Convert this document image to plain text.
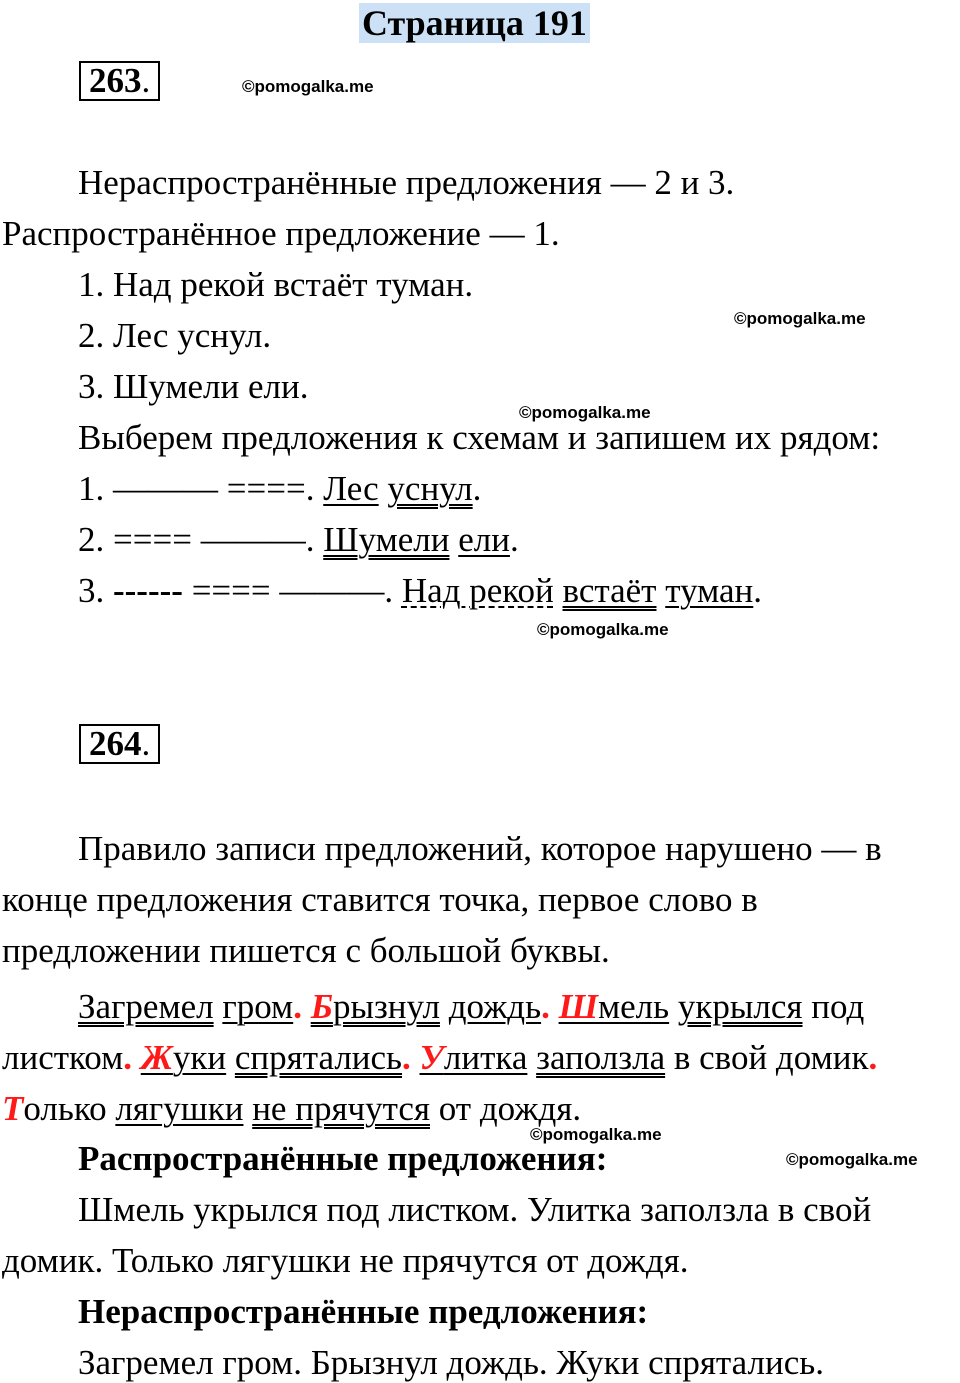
Страница 191
263.	©pomogalka.me
Нераспространённые предложения — 2 и 3.
Распространённое предложение — 1.
1. Над рекой встаёт туман.
©pomogalka.me
2. Лес уснул.
3. Шумели ели.
©pomogalka.me
Выберем предложения к схемам и запишем их рядом:
1. ——— ====. Лес уснул.
2. ==== ———. Шумели ели.
3. ------ ==== ———. Над рекой встаёт туман.
©pomogalka.me
264.
Правило записи предложений, которое нарушено — в
конце предложения ставится точка, первое слово в
предложении пишется с большой буквы.
Загремел гром. Брызнул дождь. Шмель укрылся под
листком. Жуки спрятались. Улитка заползла в свой домик.
Только лягушки не прячутся от дождя.
©pomogalka.me
Распространённые предложения:	©pomogalka.me
Шмель укрылся под листком. Улитка заползла в свой
домик. Только лягушки не прячутся от дождя.
Нераспространённые предложения:
Загремел гром. Брызнул дождь. Жуки спрятались.
